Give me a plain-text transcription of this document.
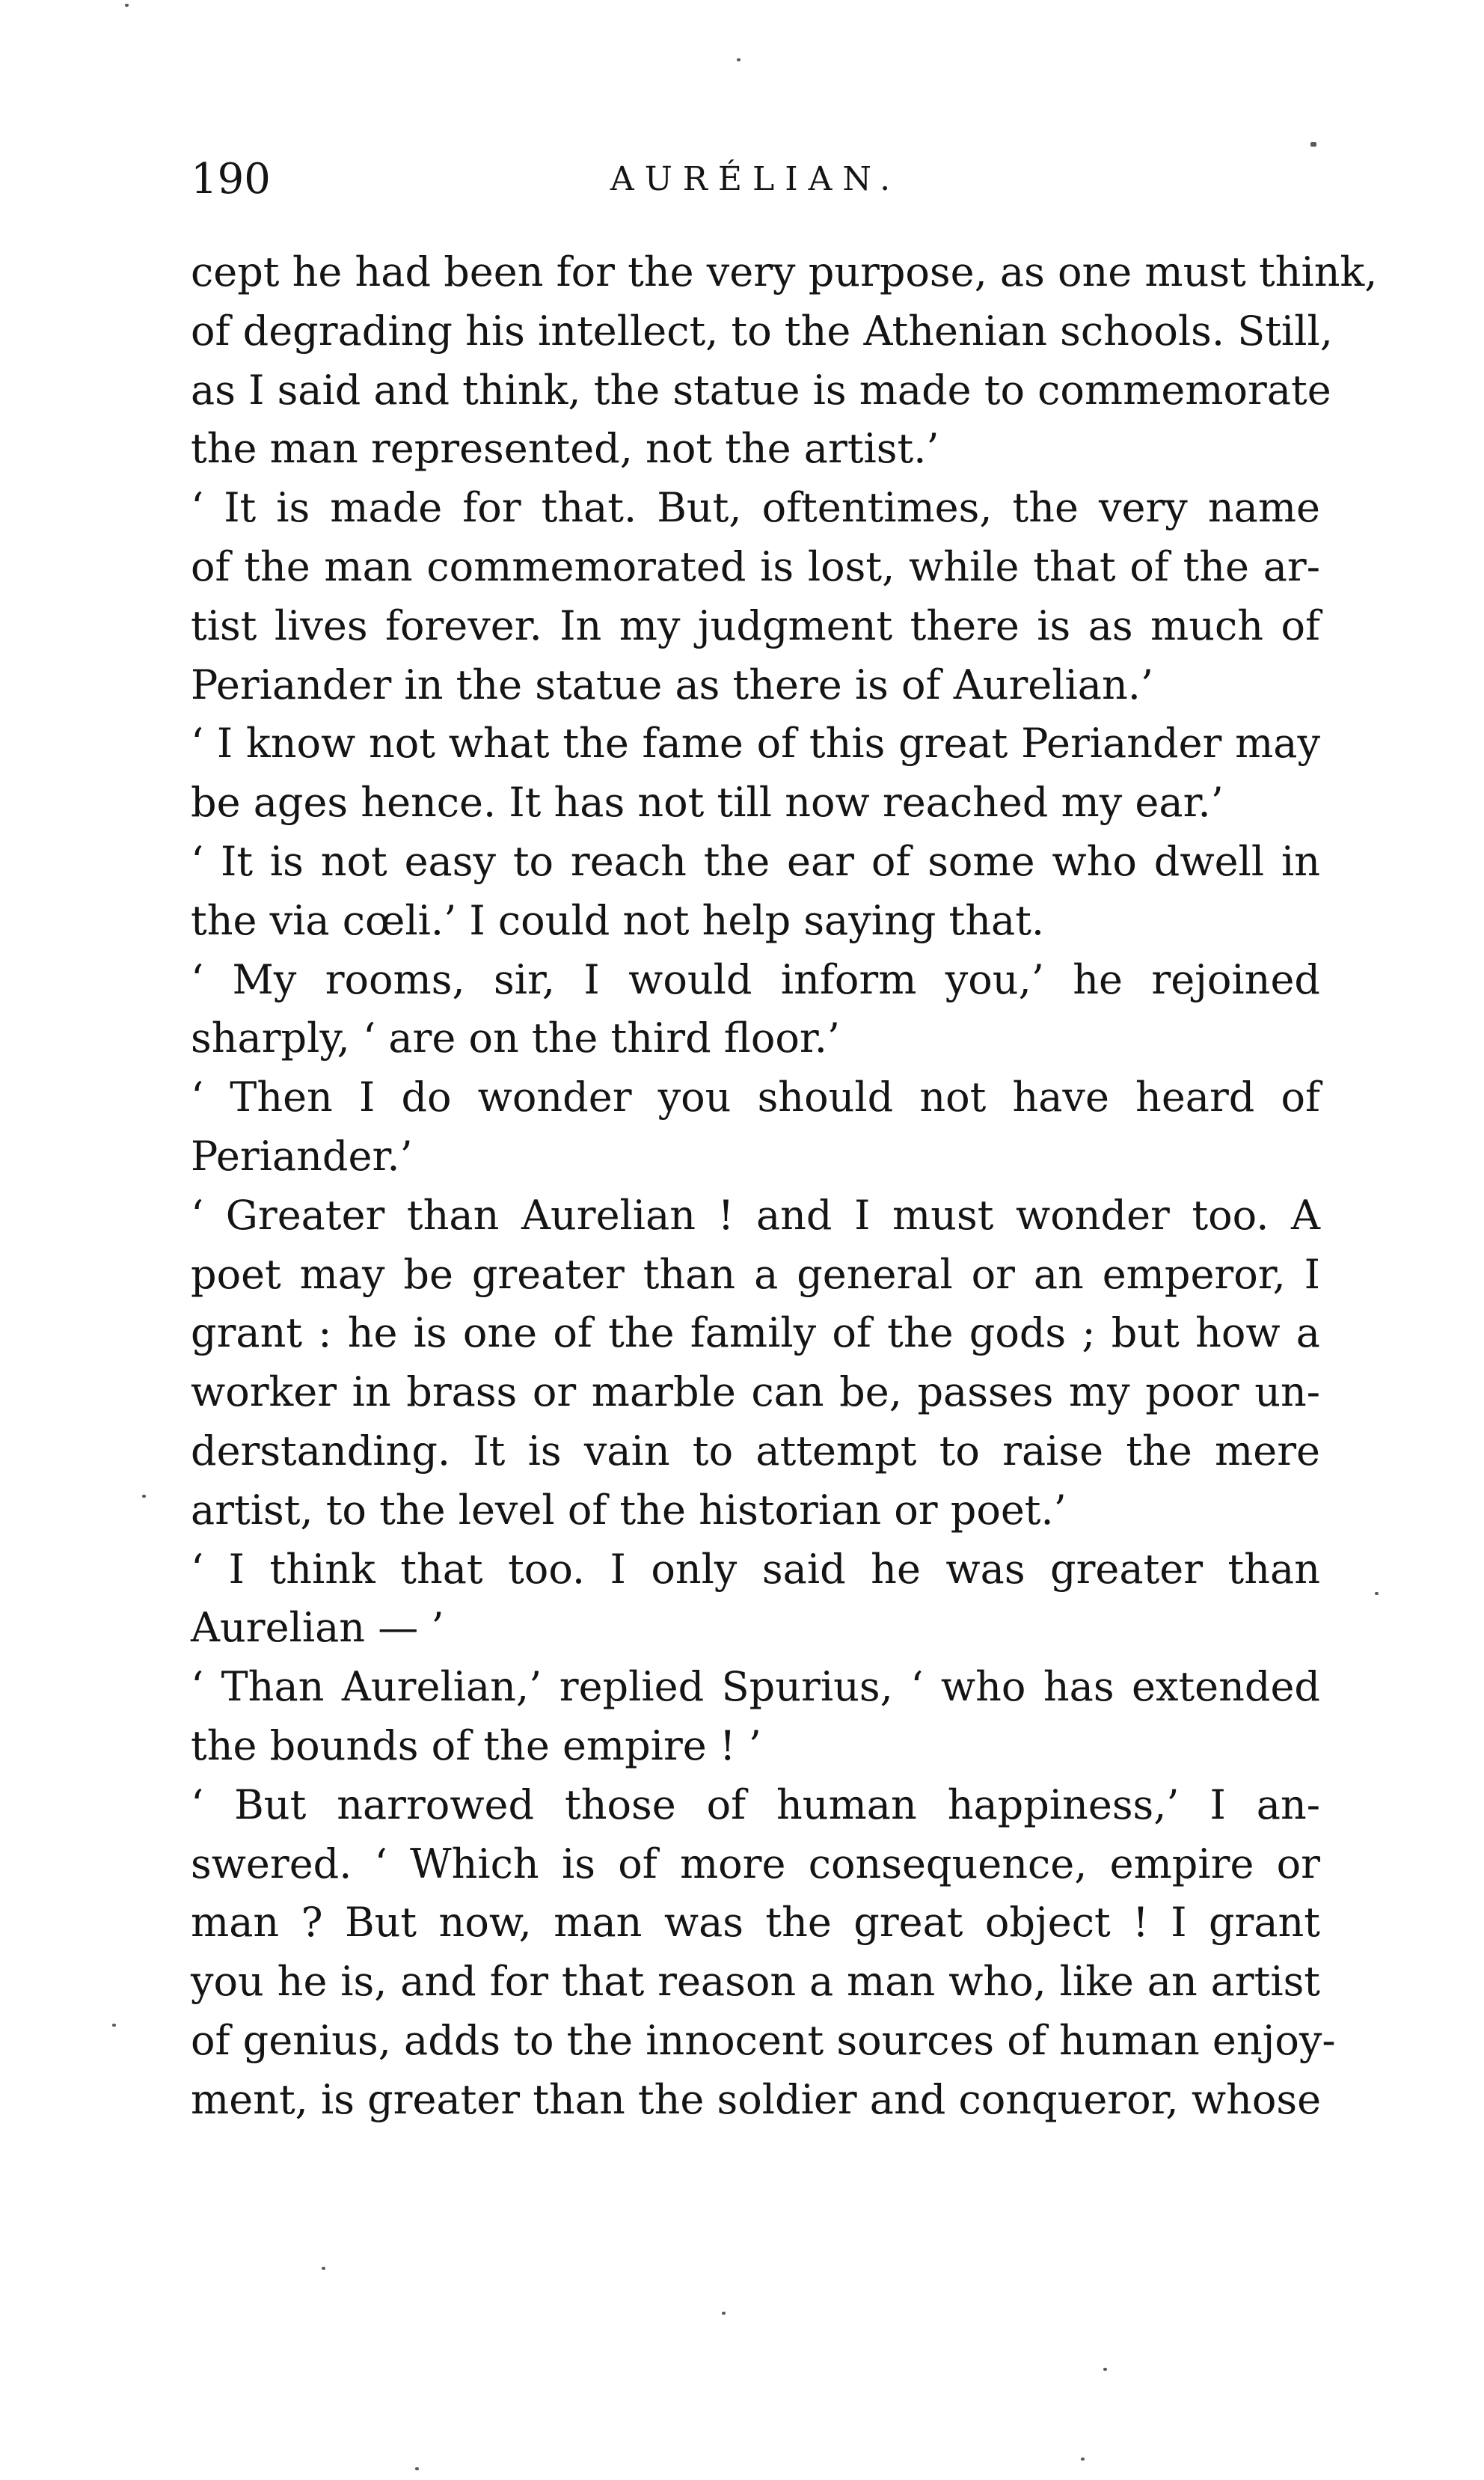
190	AURÉLIAN.
cept he had been for the very purpose, as one must think,
of degrading his intellect, to the Athenian schools. Still,
as I said and think, the statue is made to commemorate
the man represented, not the artist.’
‘ It is made for that. But, oftentimes, the very name
of the man commemorated is lost, while that of the ar-
tist lives forever. In my judgment there is as much of
Periander in the statue as there is of Aurelian.’
‘ I know not what the fame of this great Periander may
be ages hence. It has not till now reached my ear.’
‘ It is not easy to reach the ear of some who dwell in
the via cœli.’ I could not help saying that.
‘ My rooms, sir, I would inform you,’ he rejoined
sharply, ‘ are on the third floor.’
‘ Then I do wonder you should not have heard of
Periander.’
‘ Greater than Aurelian ! and I must wonder too. A
poet may be greater than a general or an emperor, I
grant : he is one of the family of the gods ; but how a
worker in brass or marble can be, passes my poor un-
derstanding. It is vain to attempt to raise the mere
artist, to the level of the historian or poet.’
‘ I think that too. I only said he was greater than
Aurelian — ’
‘ Than Aurelian,’ replied Spurius, ‘ who has extended
the bounds of the empire ! ’
‘ But narrowed those of human happiness,’ I an-
swered. ‘ Which is of more consequence, empire or
man ? But now, man was the great object ! I grant
you he is, and for that reason a man who, like an artist
of genius, adds to the innocent sources of human enjoy-
ment, is greater than the soldier and conqueror, whose
